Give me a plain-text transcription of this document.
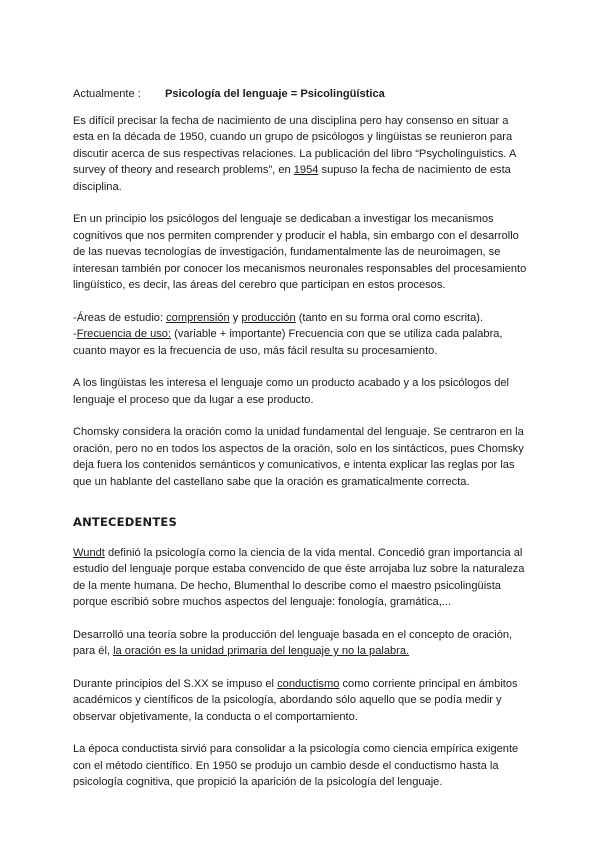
Actualmente :	Psicología del lenguaje = Psicolingüística

Es difícil precisar la fecha de nacimiento de una disciplina pero hay consenso en situar a esta en la década de 1950, cuando un grupo de psicólogos y lingüistas se reunieron para discutir acerca de sus respectivas relaciones. La publicación del libro “Psycholinguistics. A survey of theory and research problems”, en 1954 supuso la fecha de nacimiento de esta disciplina.

En un principio los psicólogos del lenguaje se dedicaban a investigar los mecanismos cognitivos que nos permiten comprender y producir el habla, sin embargo con el desarrollo de las nuevas tecnologías de investigación, fundamentalmente las de neuroimagen, se interesan también por conocer los mecanismos neuronales responsables del procesamiento lingüístico, es decir, las áreas del cerebro que participan en estos procesos.

-Áreas de estudio: comprensión y producción (tanto en su forma oral como escrita).
-Frecuencia de uso: (variable + importante) Frecuencia con que se utiliza cada palabra, cuanto mayor es la frecuencia de uso, más fácil resulta su procesamiento.

A los lingüistas les interesa el lenguaje como un producto acabado y a los psicólogos del lenguaje el proceso que da lugar a ese producto.

Chomsky considera la oración como la unidad fundamental del lenguaje. Se centraron en la oración, pero no en todos los aspectos de la oración, solo en los sintácticos, pues Chomsky deja fuera los contenidos semánticos y comunicativos, e intenta explicar las reglas por las que un hablante del castellano sabe que la oración es gramaticalmente correcta.

ANTECEDENTES

Wundt definió la psicología como la ciencia de la vida mental. Concedió gran importancia al estudio del lenguaje porque estaba convencido de que éste arrojaba luz sobre la naturaleza de la mente humana. De hecho, Blumenthal lo describe como el maestro psicolingüista porque escribió sobre muchos aspectos del lenguaje: fonología, gramática,...

Desarrolló una teoría sobre la producción del lenguaje basada en el concepto de oración, para él, la oración es la unidad primaria del lenguaje y no la palabra.

Durante principios del S.XX se impuso el conductismo como corriente principal en ámbitos académicos y científicos de la psicología, abordando sólo aquello que se podía medir y observar objetivamente, la conducta o el comportamiento.

La época conductista sirvió para consolidar a la psicología como ciencia empírica exigente con el método científico. En 1950 se produjo un cambio desde el conductismo hasta la psicología cognitiva, que propició la aparición de la psicología del lenguaje.
